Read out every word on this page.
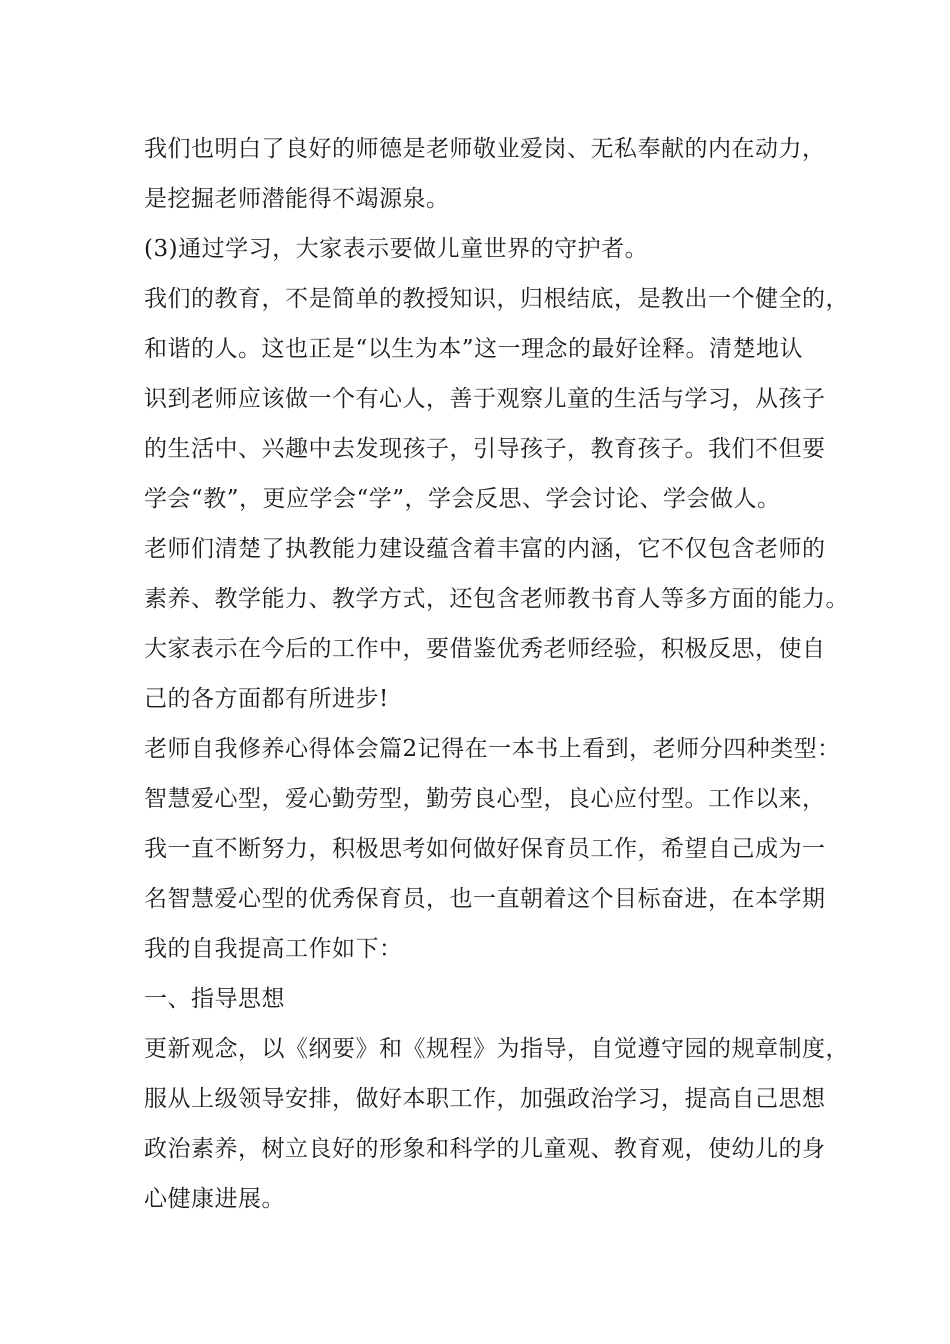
我们也明白了良好的师德是老师敬业爱岗、无私奉献的内在动力，
是挖掘老师潜能得不竭源泉。
(3)通过学习，大家表示要做儿童世界的守护者。
我们的教育，不是简单的教授知识，归根结底，是教出一个健全的，
和谐的人。这也正是“以生为本”这一理念的最好诠释。清楚地认
识到老师应该做一个有心人，善于观察儿童的生活与学习，从孩子
的生活中、兴趣中去发现孩子，引导孩子，教育孩子。我们不但要
学会“教”，更应学会“学”，学会反思、学会讨论、学会做人。
老师们清楚了执教能力建设蕴含着丰富的内涵，它不仅包含老师的
素养、教学能力、教学方式，还包含老师教书育人等多方面的能力。
大家表示在今后的工作中，要借鉴优秀老师经验，积极反思，使自
己的各方面都有所进步!
老师自我修养心得体会篇2记得在一本书上看到，老师分四种类型：
智慧爱心型，爱心勤劳型，勤劳良心型，良心应付型。工作以来，
我一直不断努力，积极思考如何做好保育员工作，希望自己成为一
名智慧爱心型的优秀保育员，也一直朝着这个目标奋进，在本学期
我的自我提高工作如下：
一、指导思想
更新观念，以《纲要》和《规程》为指导，自觉遵守园的规章制度，
服从上级领导安排，做好本职工作，加强政治学习，提高自己思想
政治素养，树立良好的形象和科学的儿童观、教育观，使幼儿的身
心健康进展。
